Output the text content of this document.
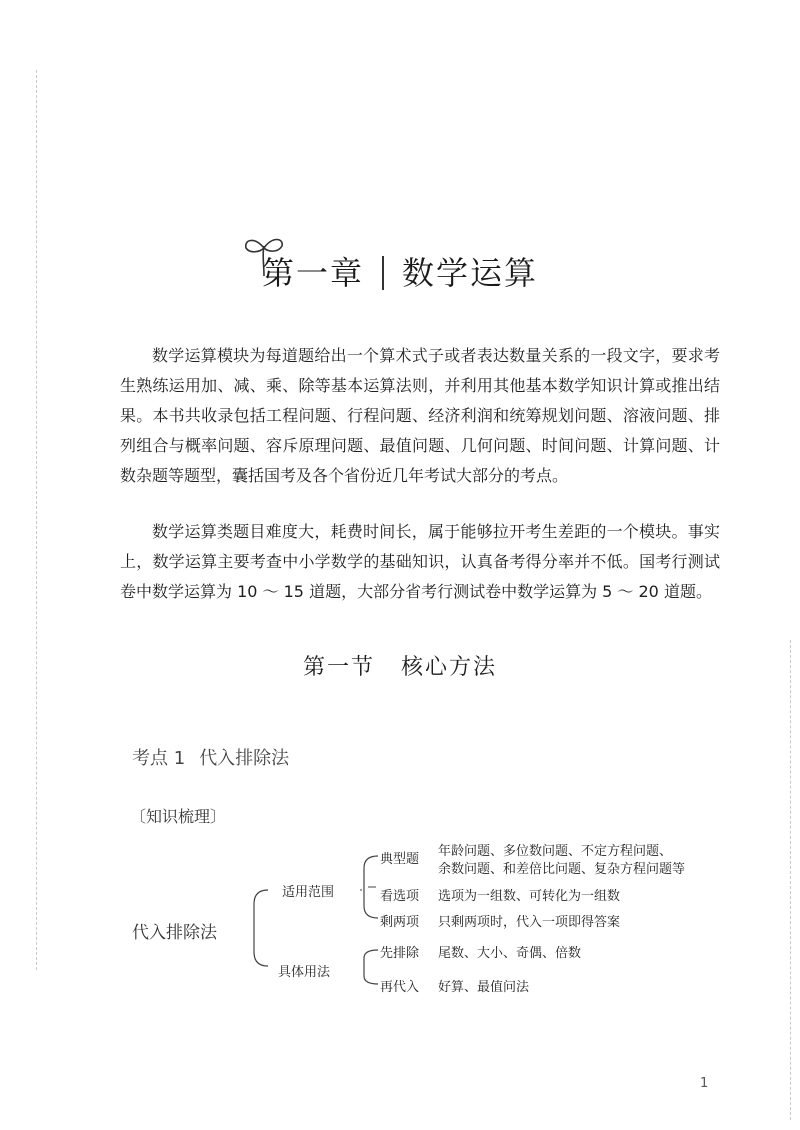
第一章 数学运算

数学运算模块为每道题给出一个算术式子或者表达数量关系的一段文字，要求考生熟练运用加、减、乘、除等基本运算法则，并利用其他基本数学知识计算或推出结果。本书共收录包括工程问题、行程问题、经济利润和统筹规划问题、溶液问题、排列组合与概率问题、容斥原理问题、最值问题、几何问题、时间问题、计算问题、计数杂题等题型，囊括国考及各个省份近几年考试大部分的考点。

数学运算类题目难度大，耗费时间长，属于能够拉开考生差距的一个模块。事实上，数学运算主要考查中小学数学的基础知识，认真备考得分率并不低。国考行测试卷中数学运算为 10 ～ 15 道题，大部分省考行测试卷中数学运算为 5 ～ 20 道题。

第一节 核心方法
考点 1 代入排除法
〔知识梳理〕
代入排除法
适用范围
具体用法
典型题
年龄问题、多位数问题、不定方程问题、
余数问题、和差倍比问题、复杂方程问题等
看选项 选项为一组数、可转化为一组数
剩两项 只剩两项时，代入一项即得答案
先排除 尾数、大小、奇偶、倍数
再代入 好算、最值问法
1
